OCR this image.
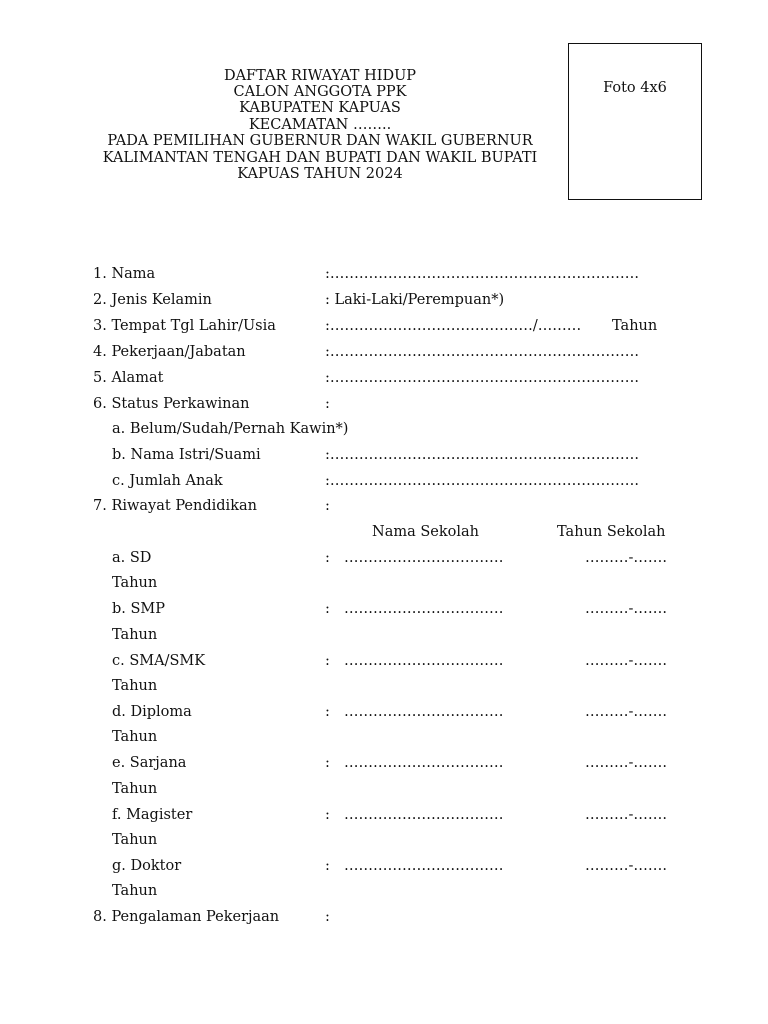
DAFTAR RIWAYAT HIDUP
CALON ANGGOTA PPK
KABUPATEN KAPUAS
KECAMATAN ……..
PADA PEMILIHAN GUBERNUR DAN WAKIL GUBERNUR
KALIMANTAN TENGAH DAN BUPATI DAN WAKIL BUPATI
KAPUAS TAHUN 2024
Foto 4x6
1. Nama	:……………………………………………………….
2. Jenis Kelamin	: Laki-Laki/Perempuan*)
3. Tempat Tgl Lahir/Usia	:……………………………………/……… Tahun
4. Pekerjaan/Jabatan	:……………………………………………………….
5. Alamat	:……………………………………………………….
6. Status Perkawinan	:
a. Belum/Sudah/Pernah Kawin*)
b. Nama Istri/Suami	:……………………………………………………….
c. Jumlah Anak	:……………………………………………………….
7. Riwayat Pendidikan	:
Nama Sekolah	Tahun Sekolah
a. SD	: ……………………………	………-…….
Tahun
b. SMP	: ……………………………	………-…….
Tahun
c. SMA/SMK	: ……………………………	………-…….
Tahun
d. Diploma	: ……………………………	………-…….
Tahun
e. Sarjana	: ……………………………	………-…….
Tahun
f. Magister	: ……………………………	………-…….
Tahun
g. Doktor	: ……………………………	………-…….
Tahun
8. Pengalaman Pekerjaan	:
